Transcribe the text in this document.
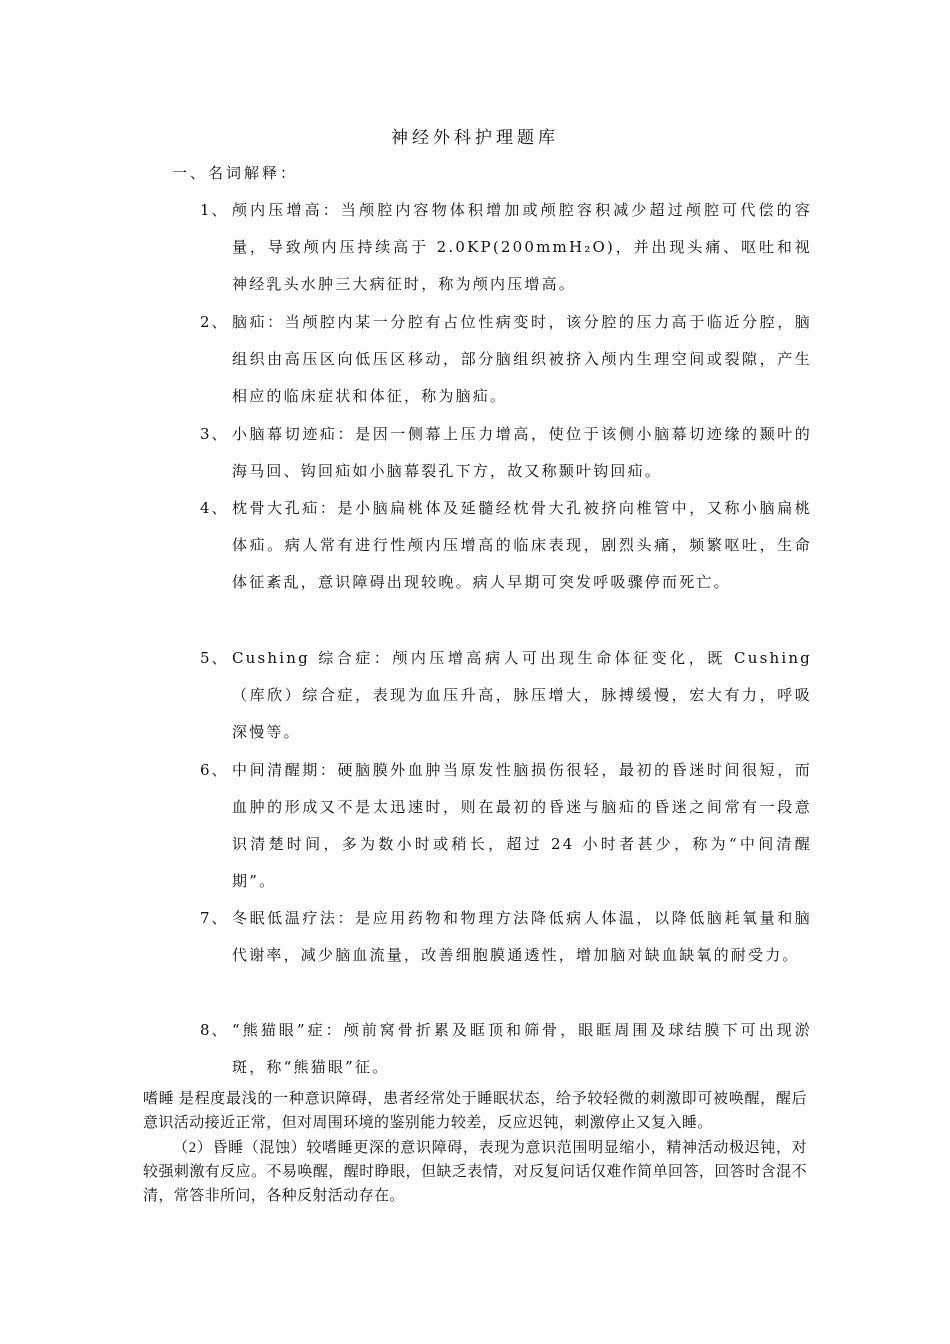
神经外科护理题库
一、名词解释：
1、 颅内压增高：当颅腔内容物体积增加或颅腔容积减少超过颅腔可代偿的容量，导致颅内压持续高于 2.0KP(200mmH₂O)，并出现头痛、呕吐和视神经乳头水肿三大病征时，称为颅内压增高。
2、 脑疝：当颅腔内某一分腔有占位性病变时，该分腔的压力高于临近分腔，脑组织由高压区向低压区移动，部分脑组织被挤入颅内生理空间或裂隙，产生相应的临床症状和体征，称为脑疝。
3、 小脑幕切迹疝：是因一侧幕上压力增高，使位于该侧小脑幕切迹缘的颞叶的海马回、钩回疝如小脑幕裂孔下方，故又称颞叶钩回疝。
4、 枕骨大孔疝：是小脑扁桃体及延髓经枕骨大孔被挤向椎管中，又称小脑扁桃体疝。病人常有进行性颅内压增高的临床表现，剧烈头痛，频繁呕吐，生命体征紊乱，意识障碍出现较晚。病人早期可突发呼吸骤停而死亡。
5、 Cushing 综合症：颅内压增高病人可出现生命体征变化，既 Cushing（库欣）综合症，表现为血压升高，脉压增大，脉搏缓慢，宏大有力，呼吸深慢等。
6、 中间清醒期：硬脑膜外血肿当原发性脑损伤很轻，最初的昏迷时间很短，而血肿的形成又不是太迅速时，则在最初的昏迷与脑疝的昏迷之间常有一段意识清楚时间，多为数小时或稍长，超过 24 小时者甚少，称为“中间清醒期”。
7、 冬眠低温疗法：是应用药物和物理方法降低病人体温，以降低脑耗氧量和脑代谢率，减少脑血流量，改善细胞膜通透性，增加脑对缺血缺氧的耐受力。
8、 “熊猫眼”症：颅前窝骨折累及眶顶和筛骨，眼眶周围及球结膜下可出现淤斑，称“熊猫眼”征。
嗜睡 是程度最浅的一种意识障碍，患者经常处于睡眠状态，给予较轻微的刺激即可被唤醒，醒后意识活动接近正常，但对周围环境的鉴别能力较差，反应迟钝，刺激停止又复入睡。
（2）昏睡（混蚀）较嗜睡更深的意识障碍，表现为意识范围明显缩小，精神活动极迟钝，对较强刺激有反应。不易唤醒，醒时睁眼，但缺乏表情，对反复问话仅难作简单回答，回答时含混不清，常答非所问，各种反射活动存在。
